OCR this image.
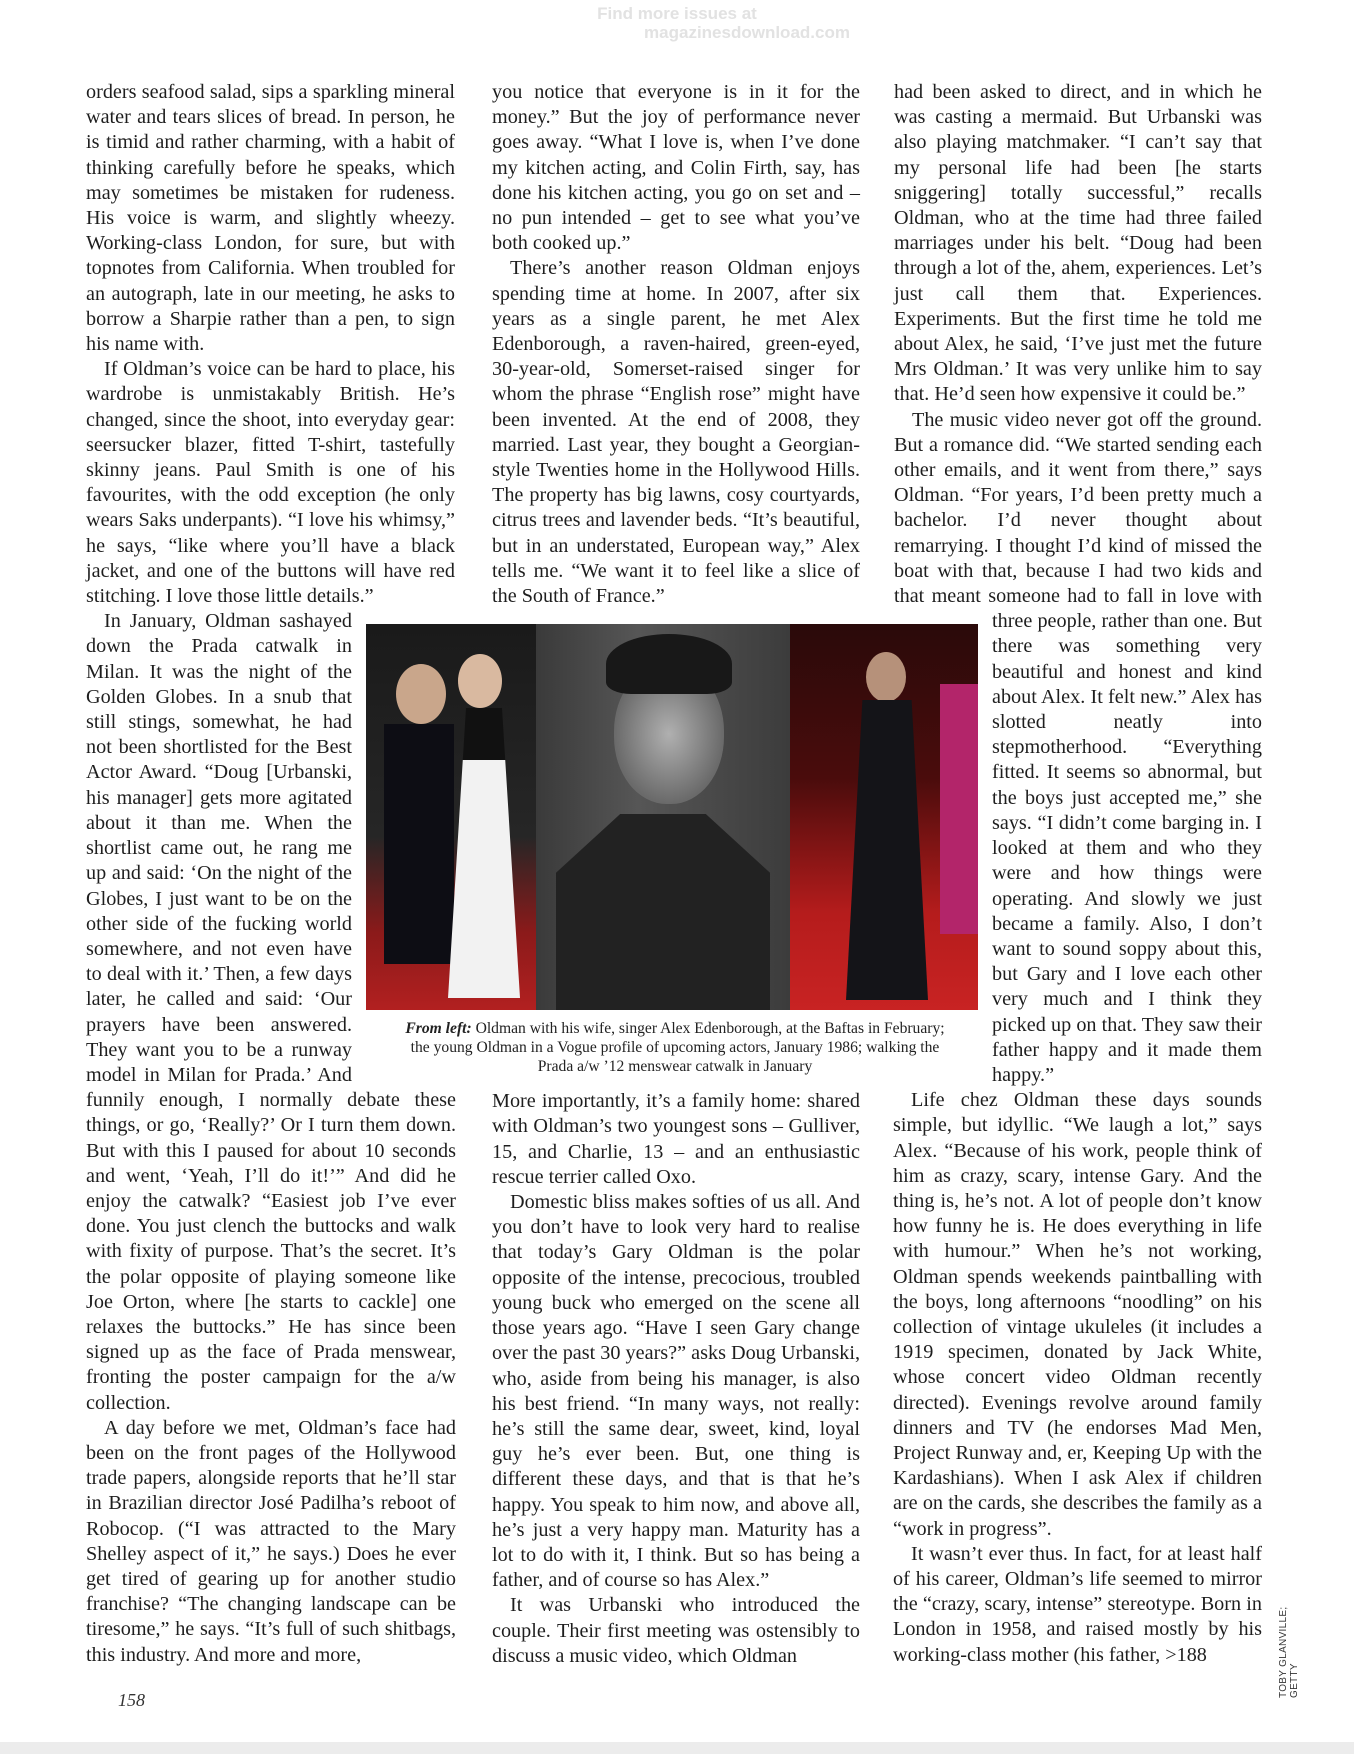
Find more issues at
magazinesdownload.com

orders seafood salad, sips a sparkling mineral water and tears slices of bread. In person, he is timid and rather charming, with a habit of thinking carefully before he speaks, which may sometimes be mistaken for rudeness. His voice is warm, and slightly wheezy. Working-class London, for sure, but with topnotes from California. When troubled for an autograph, late in our meeting, he asks to borrow a Sharpie rather than a pen, to sign his name with.

If Oldman’s voice can be hard to place, his wardrobe is unmistakably British. He’s changed, since the shoot, into everyday gear: seersucker blazer, fitted T-shirt, tastefully skinny jeans. Paul Smith is one of his favourites, with the odd exception (he only wears Saks underpants). “I love his whimsy,” he says, “like where you’ll have a black jacket, and one of the buttons will have red stitching. I love those little details.”

In January, Oldman sashayed down the Prada catwalk in Milan. It was the night of the Golden Globes. In a snub that still stings, somewhat, he had not been shortlisted for the Best Actor Award. “Doug [Urbanski, his manager] gets more agitated about it than me. When the shortlist came out, he rang me up and said: ‘On the night of the Globes, I just want to be on the other side of the fucking world somewhere, and not even have to deal with it.’ Then, a few days later, he called and said: ‘Our prayers have been answered. They want you to be a runway model in Milan for Prada.’ And funnily enough, I normally debate these things, or go, ‘Really?’ Or I turn them down. But with this I paused for about 10 seconds and went, ‘Yeah, I’ll do it!’” And did he enjoy the catwalk? “Easiest job I’ve ever done. You just clench the buttocks and walk with fixity of purpose. That’s the secret. It’s the polar opposite of playing someone like Joe Orton, where [he starts to cackle] one relaxes the buttocks.” He has since been signed up as the face of Prada menswear, fronting the poster campaign for the a/w collection.

A day before we met, Oldman’s face had been on the front pages of the Hollywood trade papers, alongside reports that he’ll star in Brazilian director José Padilha’s reboot of Robocop. (“I was attracted to the Mary Shelley aspect of it,” he says.) Does he ever get tired of gearing up for another studio franchise? “The changing landscape can be tiresome,” he says. “It’s full of such shitbags, this industry. And more and more,

you notice that everyone is in it for the money.” But the joy of performance never goes away. “What I love is, when I’ve done my kitchen acting, and Colin Firth, say, has done his kitchen acting, you go on set and – no pun intended – get to see what you’ve both cooked up.”

There’s another reason Oldman enjoys spending time at home. In 2007, after six years as a single parent, he met Alex Edenborough, a raven-haired, green-eyed, 30-year-old, Somerset-raised singer for whom the phrase “English rose” might have been invented. At the end of 2008, they married. Last year, they bought a Georgian-style Twenties home in the Hollywood Hills. The property has big lawns, cosy courtyards, citrus trees and lavender beds. “It’s beautiful, but in an understated, European way,” Alex tells me. “We want it to feel like a slice of the South of France.”

More importantly, it’s a family home: shared with Oldman’s two youngest sons – Gulliver, 15, and Charlie, 13 – and an enthusiastic rescue terrier called Oxo.

Domestic bliss makes softies of us all. And you don’t have to look very hard to realise that today’s Gary Oldman is the polar opposite of the intense, precocious, troubled young buck who emerged on the scene all those years ago. “Have I seen Gary change over the past 30 years?” asks Doug Urbanski, who, aside from being his manager, is also his best friend. “In many ways, not really: he’s still the same dear, sweet, kind, loyal guy he’s ever been. But, one thing is different these days, and that is that he’s happy. You speak to him now, and above all, he’s just a very happy man. Maturity has a lot to do with it, I think. But so has being a father, and of course so has Alex.”

It was Urbanski who introduced the couple. Their first meeting was ostensibly to discuss a music video, which Oldman

had been asked to direct, and in which he was casting a mermaid. But Urbanski was also playing matchmaker. “I can’t say that my personal life had been [he starts sniggering] totally successful,” recalls Oldman, who at the time had three failed marriages under his belt. “Doug had been through a lot of the, ahem, experiences. Let’s just call them that. Experiences. Experiments. But the first time he told me about Alex, he said, ‘I’ve just met the future Mrs Oldman.’ It was very unlike him to say that. He’d seen how expensive it could be.”

The music video never got off the ground. But a romance did. “We started sending each other emails, and it went from there,” says Oldman. “For years, I’d been pretty much a bachelor. I’d never thought about remarrying. I thought I’d kind of missed the boat with that, because I had two kids and that meant someone had to fall in love with three people, rather than one. But there was something very beautiful and honest and kind about Alex. It felt new.” Alex has slotted neatly into stepmotherhood. “Everything fitted. It seems so abnormal, but the boys just accepted me,” she says. “I didn’t come barging in. I looked at them and who they were and how things were operating. And slowly we just became a family. Also, I don’t want to sound soppy about this, but Gary and I love each other very much and I think they picked up on that. They saw their father happy and it made them happy.”

Life chez Oldman these days sounds simple, but idyllic. “We laugh a lot,” says Alex. “Because of his work, people think of him as crazy, scary, intense Gary. And the thing is, he’s not. A lot of people don’t know how funny he is. He does everything in life with humour.” When he’s not working, Oldman spends weekends paintballing with the boys, long afternoons “noodling” on his collection of vintage ukuleles (it includes a 1919 specimen, donated by Jack White, whose concert video Oldman recently directed). Evenings revolve around family dinners and TV (he endorses Mad Men, Project Runway and, er, Keeping Up with the Kardashians). When I ask Alex if children are on the cards, she describes the family as a “work in progress”.

It wasn’t ever thus. In fact, for at least half of his career, Oldman’s life seemed to mirror the “crazy, scary, intense” stereotype. Born in London in 1958, and raised mostly by his working-class mother (his father, >188

From left: Oldman with his wife, singer Alex Edenborough, at the Baftas in February; the young Oldman in a Vogue profile of upcoming actors, January 1986; walking the Prada a/w ’12 menswear catwalk in January
TOBY GLANVILLE; GETTY
158
